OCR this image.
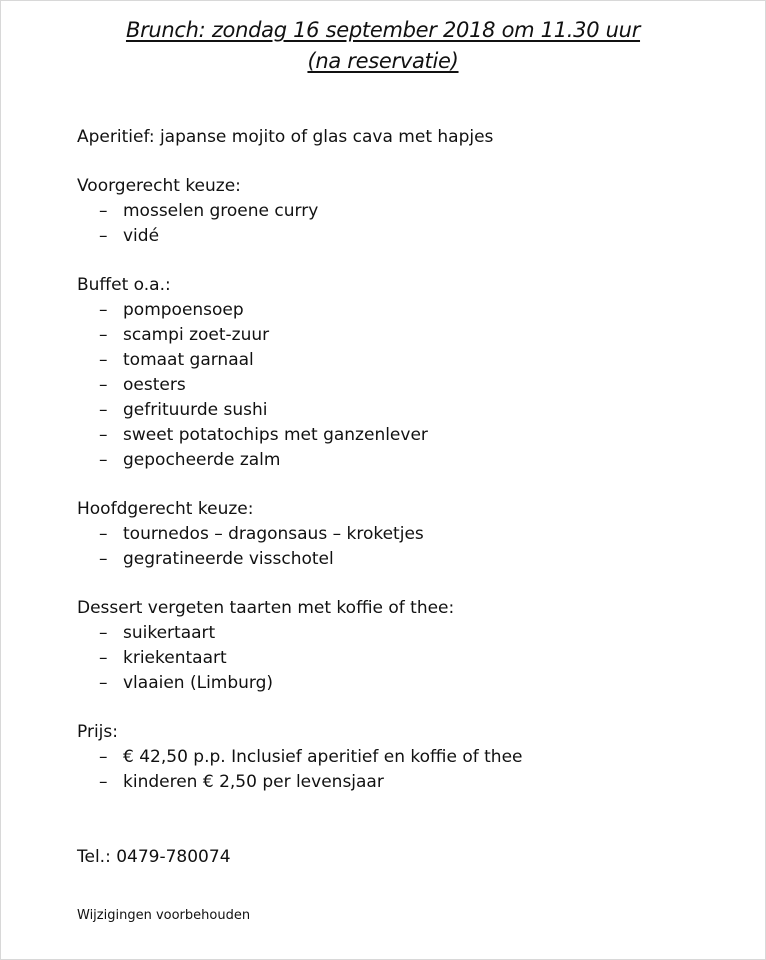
Brunch: zondag 16 september 2018 om 11.30 uur
(na reservatie)
Aperitief: japanse mojito of glas cava met hapjes
Voorgerecht keuze:
– mosselen groene curry
– vidé
Buffet o.a.:
– pompoensoep
– scampi zoet-zuur
– tomaat garnaal
– oesters
– gefrituurde sushi
– sweet potatochips met ganzenlever
– gepocheerde zalm
Hoofdgerecht keuze:
– tournedos – dragonsaus – kroketjes
– gegratineerde visschotel
Dessert vergeten taarten met koffie of thee:
– suikertaart
– kriekentaart
– vlaaien (Limburg)
Prijs:
– € 42,50 p.p. Inclusief aperitief en koffie of thee
– kinderen € 2,50 per levensjaar
Tel.: 0479-780074
Wijzigingen voorbehouden
